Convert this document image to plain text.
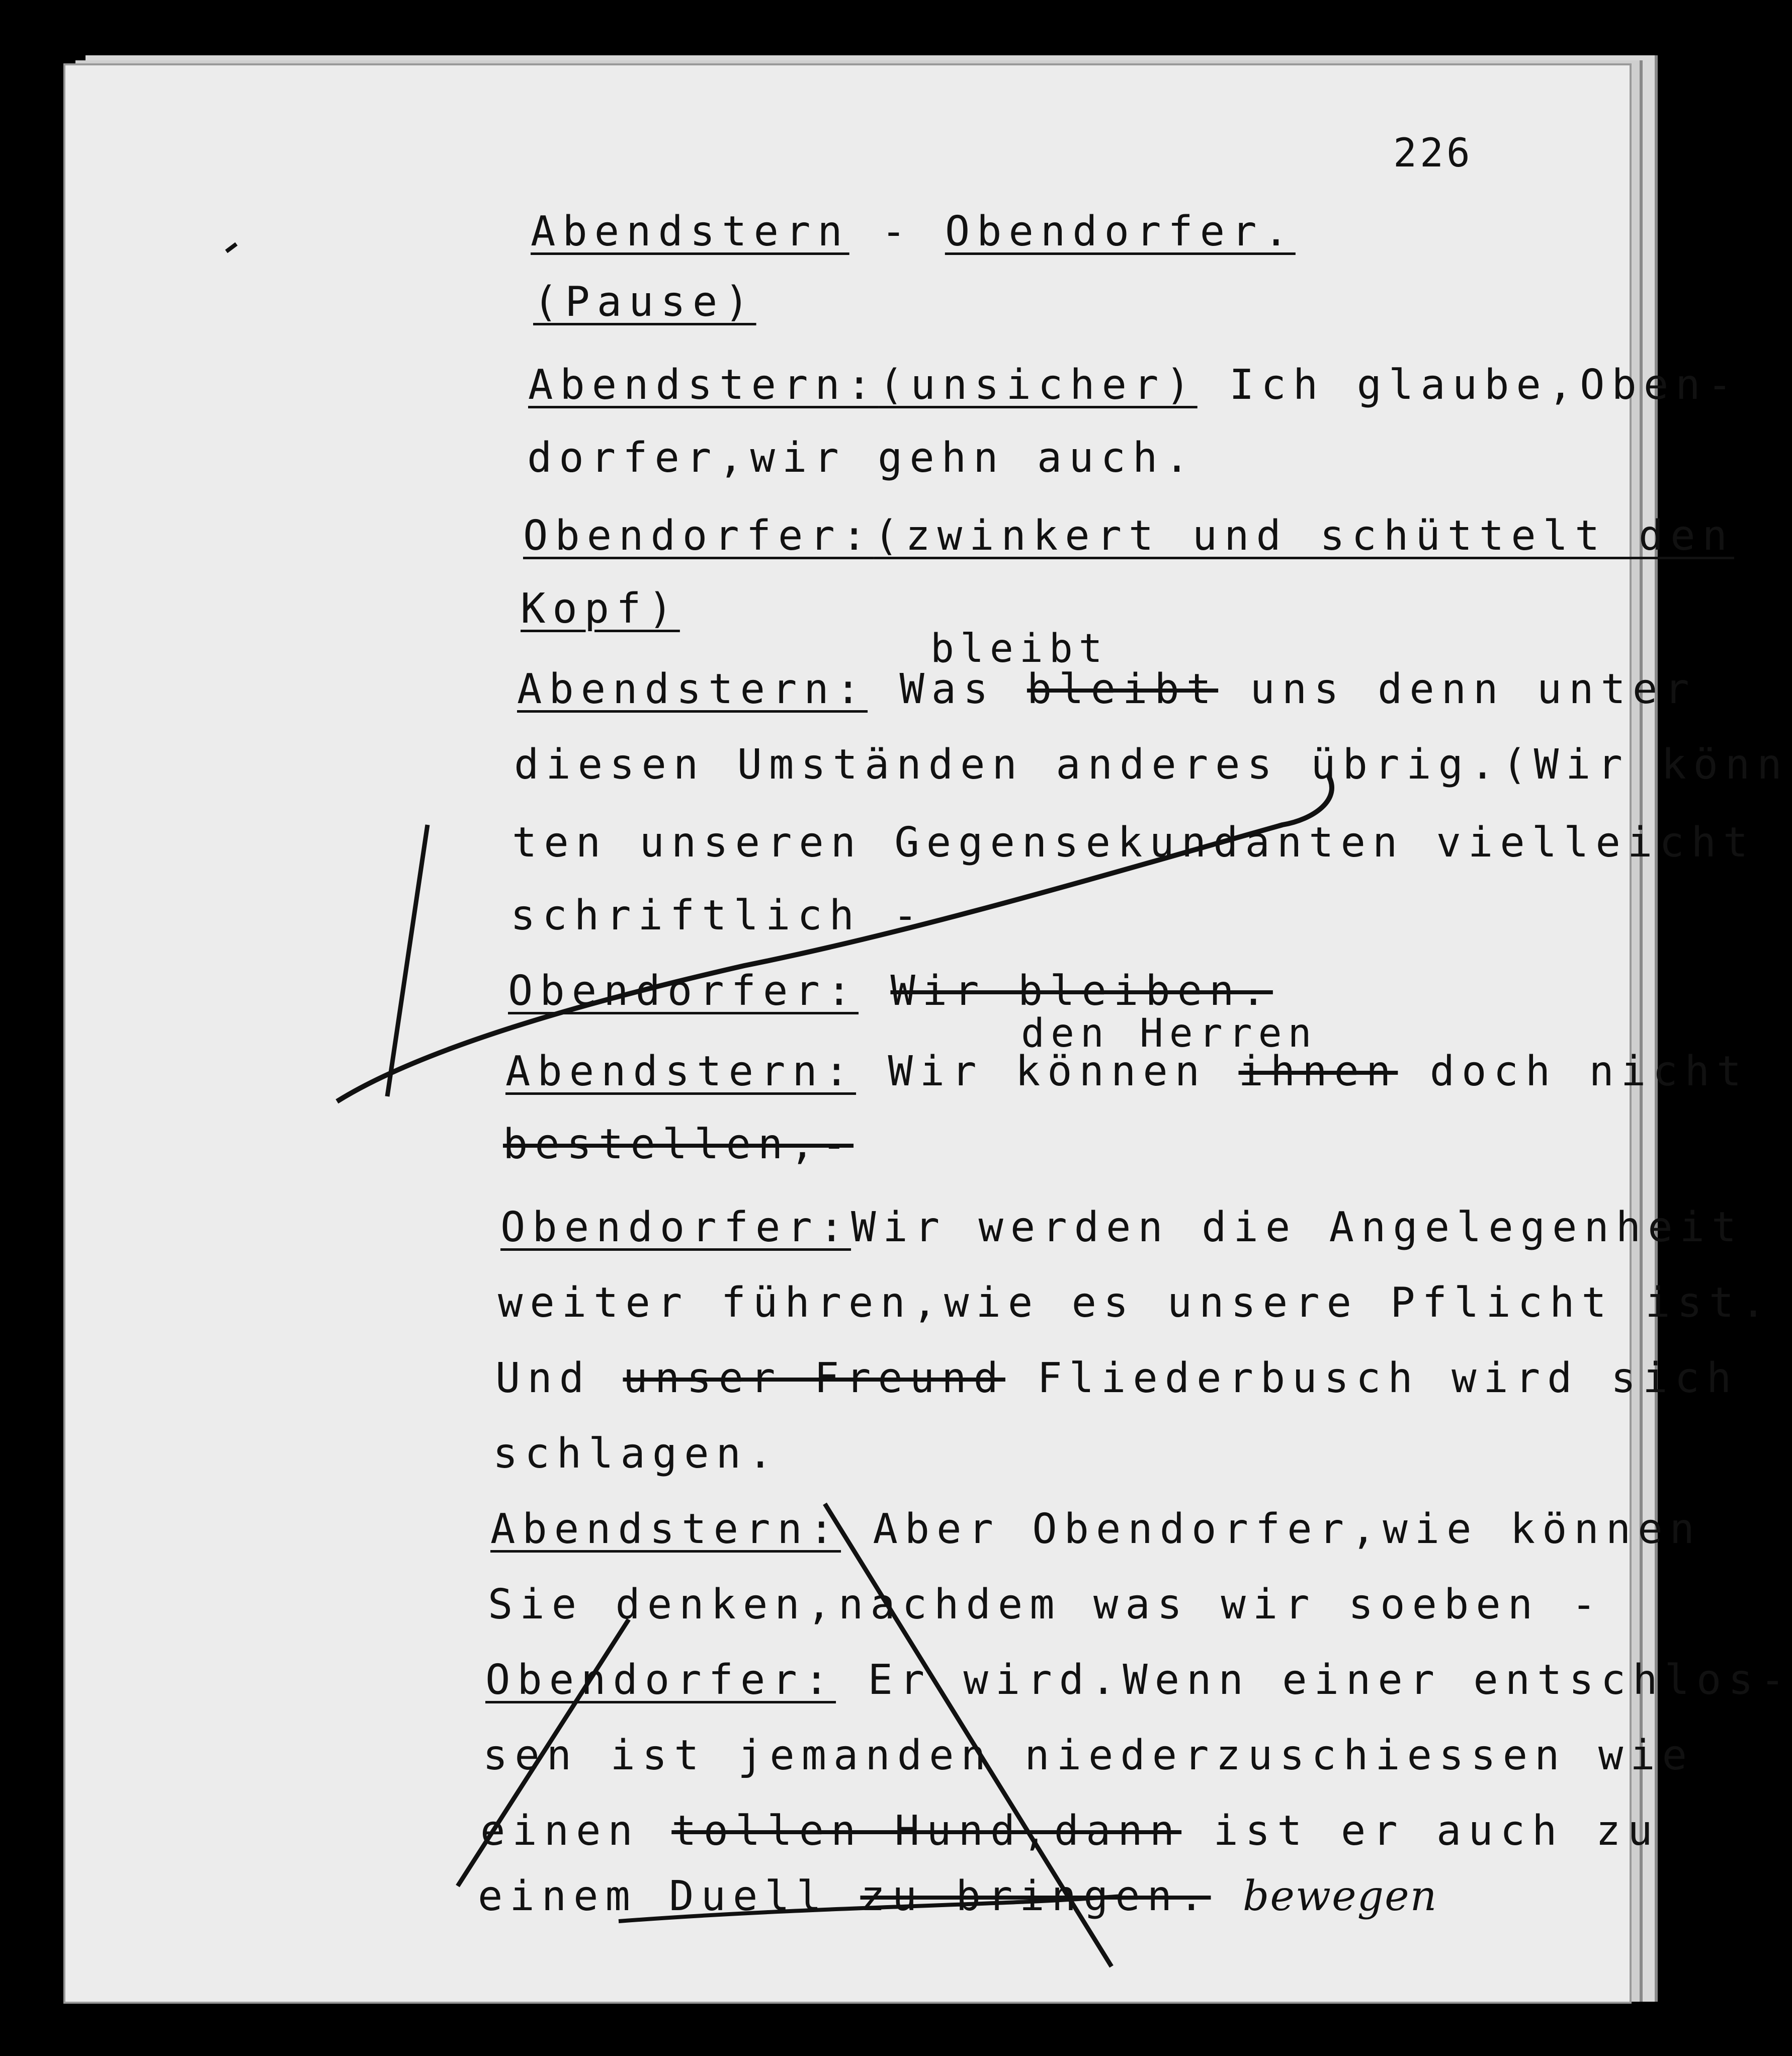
226
Abendstern - Obendorfer.
(Pause)
Abendstern:(unsicher) Ich glaube,Oben-
dorfer,wir gehn auch.
Obendorfer:(zwinkert und schüttelt den
Kopf)
bleibt
Abendstern: Was bleibt uns denn unter
diesen Umständen anderes übrig.(Wir könn
ten unseren Gegensekundanten vielleicht
schriftlich -
Obendorfer: Wir bleiben.
den Herren
Abendstern: Wir können ihnen doch nicht
bestellen,-
Obendorfer:Wir werden die Angelegenheit
weiter führen,wie es unsere Pflicht ist.
Und unser Freund Fliederbusch wird sich
schlagen.
Abendstern: Aber Obendorfer,wie können
Sie denken,nachdem was wir soeben -
Obendorfer: Er wird.Wenn einer entschlos-
sen ist jemanden niederzuschiessen wie
einen tollen Hund,dann ist er auch zu
einem Duell zu bringen. bewegen
